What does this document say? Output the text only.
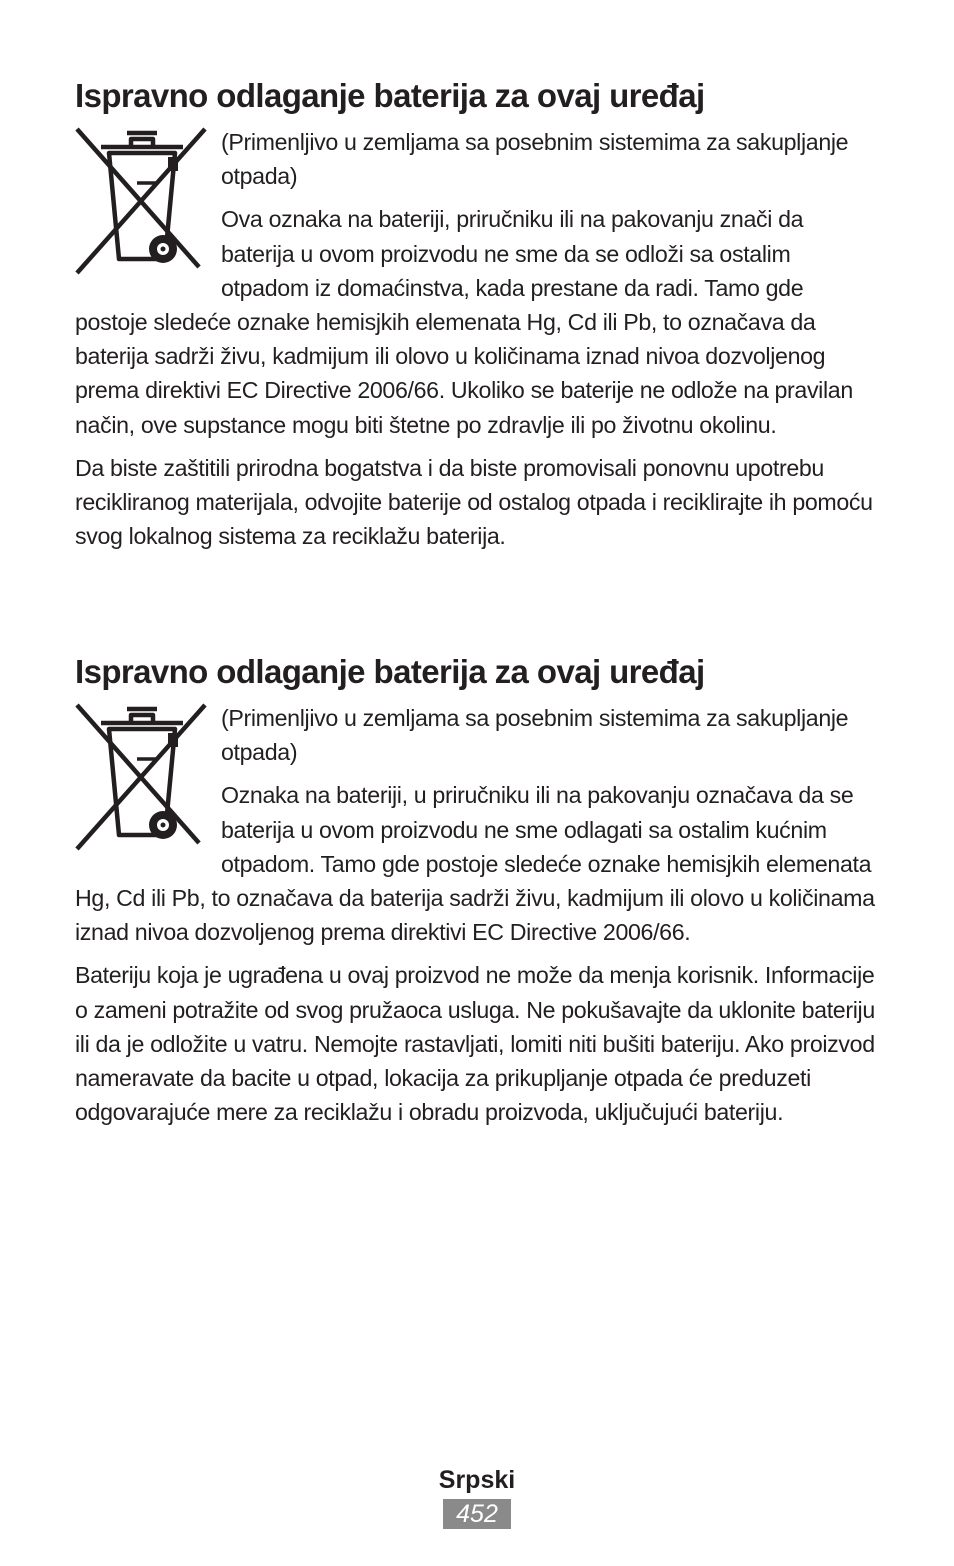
Ispravno odlaganje baterija za ovaj uređaj

(Primenljivo u zemljama sa posebnim sistemima za sakupljanje otpada)

Ova oznaka na bateriji, priručniku ili na pakovanju znači da baterija u ovom proizvodu ne sme da se odloži sa ostalim otpadom iz domaćinstva, kada prestane da radi. Tamo gde postoje sledeće oznake hemisjkih elemenata Hg, Cd ili Pb, to označava da baterija sadrži živu, kadmijum ili olovo u količinama iznad nivoa dozvoljenog prema direktivi EC Directive 2006/66. Ukoliko se baterije ne odlože na pravilan način, ove supstance mogu biti štetne po zdravlje ili po životnu okolinu.

Da biste zaštitili prirodna bogatstva i da biste promovisali ponovnu upotrebu recikliranog materijala, odvojite baterije od ostalog otpada i reciklirajte ih pomoću svog lokalnog sistema za reciklažu baterija.

Ispravno odlaganje baterija za ovaj uređaj

(Primenljivo u zemljama sa posebnim sistemima za sakupljanje otpada)

Oznaka na bateriji, u priručniku ili na pakovanju označava da se baterija u ovom proizvodu ne sme odlagati sa ostalim kućnim otpadom. Tamo gde postoje sledeće oznake hemisjkih elemenata Hg, Cd ili Pb, to označava da baterija sadrži živu, kadmijum ili olovo u količinama iznad nivoa dozvoljenog prema direktivi EC Directive 2006/66.

Bateriju koja je ugrađena u ovaj proizvod ne može da menja korisnik. Informacije o zameni potražite od svog pružaoca usluga. Ne pokušavajte da uklonite bateriju ili da je odložite u vatru. Nemojte rastavljati, lomiti niti bušiti bateriju. Ako proizvod nameravate da bacite u otpad, lokacija za prikupljanje otpada će preduzeti odgovarajuće mere za reciklažu i obradu proizvoda, uključujući bateriju.

Srpski
452
